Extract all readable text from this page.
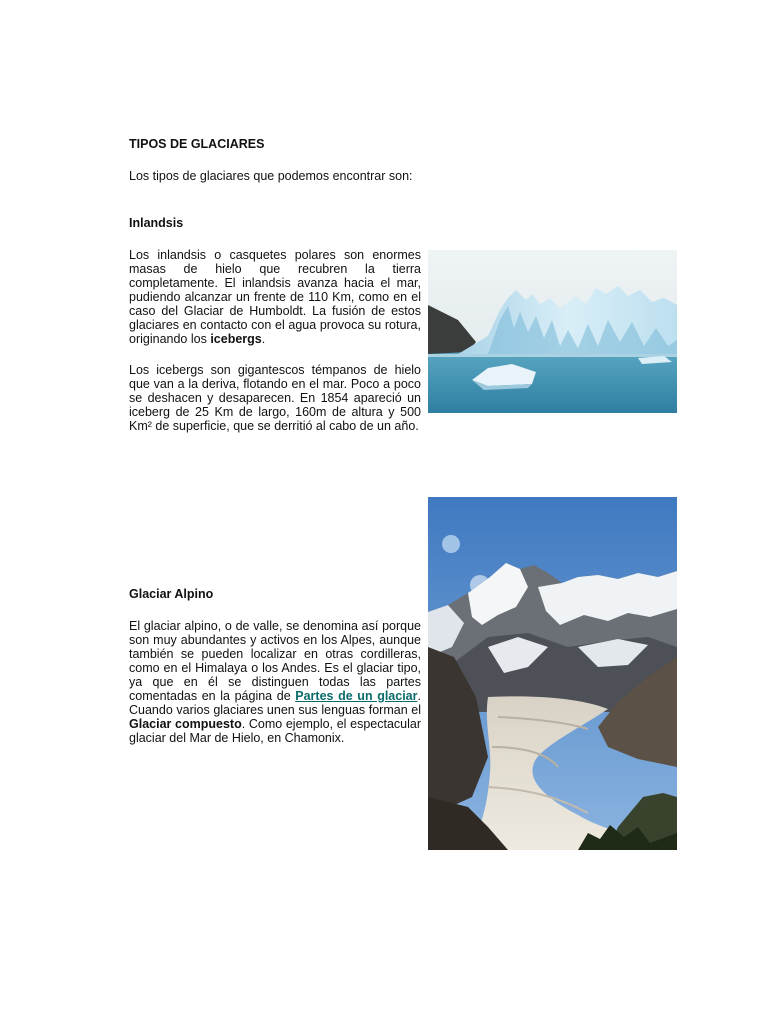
TIPOS DE GLACIARES
Los tipos de glaciares que podemos encontrar son:
Inlandsis
Los inlandsis o casquetes polares son enormes masas de hielo que recubren la tierra completamente. El inlandsis avanza hacia el mar, pudiendo alcanzar un frente de 110 Km, como en el caso del Glaciar de Humboldt. La fusión de estos glaciares en contacto con el agua provoca su rotura, originando los icebergs.
Los icebergs son gigantescos témpanos de hielo que van a la deriva, flotando en el mar. Poco a poco se deshacen y desaparecen. En 1854 apareció un iceberg de 25 Km de largo, 160m de altura y 500 Km² de superficie, que se derritió al cabo de un año.
Glaciar Alpino
El glaciar alpino, o de valle, se denomina así porque son muy abundantes y activos en los Alpes, aunque también se pueden localizar en otras cordilleras, como en el Himalaya o los Andes. Es el glaciar tipo, ya que en él se distinguen todas las partes comentadas en la página de Partes de un glaciar. Cuando varios glaciares unen sus lenguas forman el Glaciar compuesto. Como ejemplo, el espectacular glaciar del Mar de Hielo, en Chamonix.
